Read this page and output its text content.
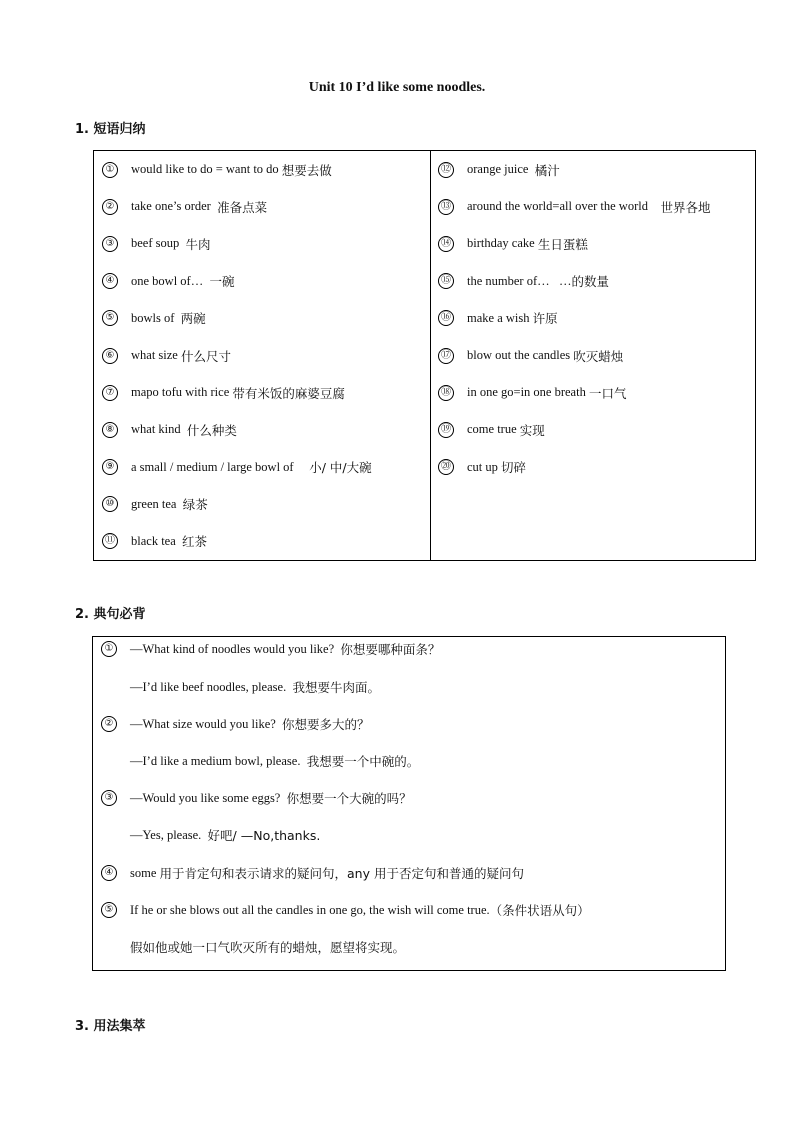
Unit 10 I’d like some noodles.
1. 短语归纳
① would like to do = want to do 想要去做
② take one’s order 准备点菜
③ beef soup 牛肉
④ one bowl of… 一碗
⑤ bowls of 两碗
⑥ what size 什么尺寸
⑦ mapo tofu with rice 带有米饭的麻婆豆腐
⑧ what kind 什么种类
⑨ a small / medium / large bowl of 小/ 中/大碗
⑩ green tea 绿茶
⑪ black tea 红茶
⑫ orange juice 橘汁
⑬ around the world=all over the world 世界各地
⑭ birthday cake 生日蛋糕
⑮ the number of…   … 的数量
⑯ make a wish 许原
⑰ blow out the candles 吹灭蜡烛
⑱ in one go=in one breath 一口气
⑲ come true 实现
⑳ cut up 切碎
2. 典句必背
① —What kind of noodles would you like? 你想要哪种面条？
—I’d like beef noodles, please. 我想要牛肉面。
② —What size would you like? 你想要多大的？
—I’d like a medium bowl, please. 我想要一个中碗的。
③ —Would you like some eggs? 你想要一个大碗的吗？
—Yes, please. 好吧/ —No,thanks.
④ some 用于肯定句和表示请求的疑问句，any 用于否定句和普通的疑问句
⑤ If he or she blows out all the candles in one go, the wish will come true. （条件状语从句）
假如他或她一口气吹灭所有的蜡烛，愿望将实现。
3. 用法集萃
